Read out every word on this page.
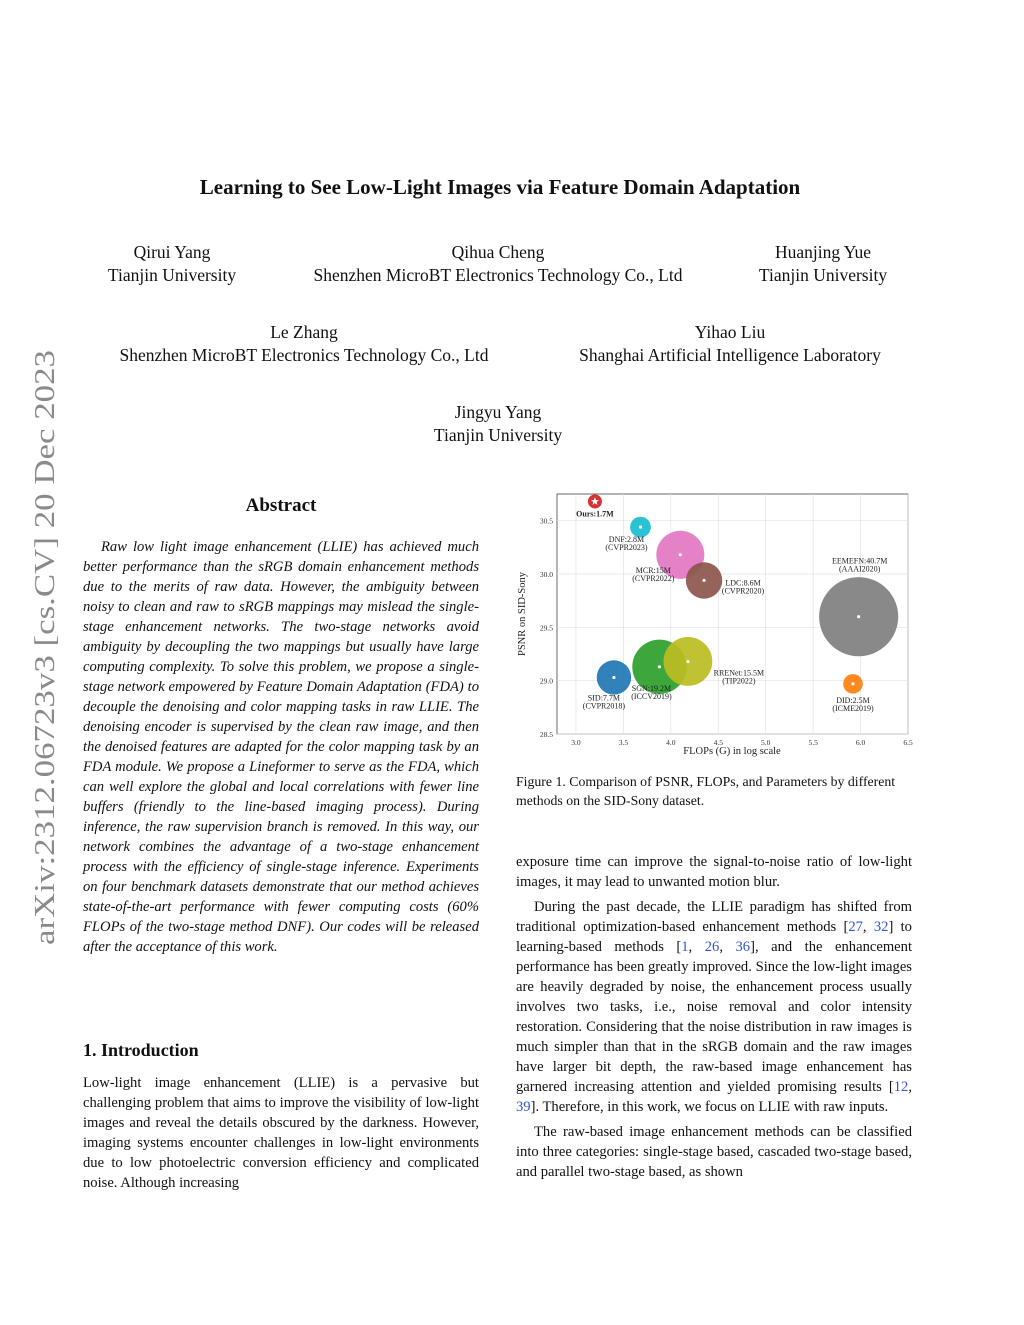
arXiv:2312.06723v3 [cs.CV] 20 Dec 2023
Learning to See Low-Light Images via Feature Domain Adaptation
Qirui Yang
Tianjin University
Qihua Cheng
Shenzhen MicroBT Electronics Technology Co., Ltd
Huanjing Yue
Tianjin University
Le Zhang
Shenzhen MicroBT Electronics Technology Co., Ltd
Yihao Liu
Shanghai Artificial Intelligence Laboratory
Jingyu Yang
Tianjin University
Abstract

Raw low light image enhancement (LLIE) has achieved much better performance than the sRGB domain enhancement methods due to the merits of raw data. However, the ambiguity between noisy to clean and raw to sRGB mappings may mislead the single-stage enhancement networks. The two-stage networks avoid ambiguity by decoupling the two mappings but usually have large computing complexity. To solve this problem, we propose a single-stage network empowered by Feature Domain Adaptation (FDA) to decouple the denoising and color mapping tasks in raw LLIE. The denoising encoder is supervised by the clean raw image, and then the denoised features are adapted for the color mapping task by an FDA module. We propose a Lineformer to serve as the FDA, which can well explore the global and local correlations with fewer line buffers (friendly to the line-based imaging process). During inference, the raw supervision branch is removed. In this way, our network combines the advantage of a two-stage enhancement process with the efficiency of single-stage inference. Experiments on four benchmark datasets demonstrate that our method achieves state-of-the-art performance with fewer computing costs (60% FLOPs of the two-stage method DNF). Our codes will be released after the acceptance of this work.

1. Introduction

Low-light image enhancement (LLIE) is a pervasive but challenging problem that aims to improve the visibility of low-light images and reveal the details obscured by the darkness. However, imaging systems encounter challenges in low-light environments due to low photoelectric conversion efficiency and complicated noise. Although increasing

3.0	3.5	4.0	4.5	5.0	5.5	6.0	6.5
28.5
29.0
29.5
30.0
30.5
EEMEFN:40.7M
(AAAI2020)
SGN:19.2M
(ICCV2019)
RRENet:15.5M
(TIP2022)
MCR:15M
(CVPR2022)
LDC:8.6M
(CVPR2020)
SID:7.7M
(CVPR2018)
DNF:2.8M
(CVPR2023)
DID:2.5M
(ICME2019)
Ours:1.7M
FLOPs (G) in log scale
PSNR on SID-Sony
Figure 1. Comparison of PSNR, FLOPs, and Parameters by different methods on the SID-Sony dataset.

exposure time can improve the signal-to-noise ratio of low-light images, it may lead to unwanted motion blur.

During the past decade, the LLIE paradigm has shifted from traditional optimization-based enhancement methods [27, 32] to learning-based methods [1, 26, 36], and the enhancement performance has been greatly improved. Since the low-light images are heavily degraded by noise, the enhancement process usually involves two tasks, i.e., noise removal and color intensity restoration. Considering that the noise distribution in raw images is much simpler than that in the sRGB domain and the raw images have larger bit depth, the raw-based image enhancement has garnered increasing attention and yielded promising results [12, 39]. Therefore, in this work, we focus on LLIE with raw inputs.

The raw-based image enhancement methods can be classified into three categories: single-stage based, cascaded two-stage based, and parallel two-stage based, as shown
